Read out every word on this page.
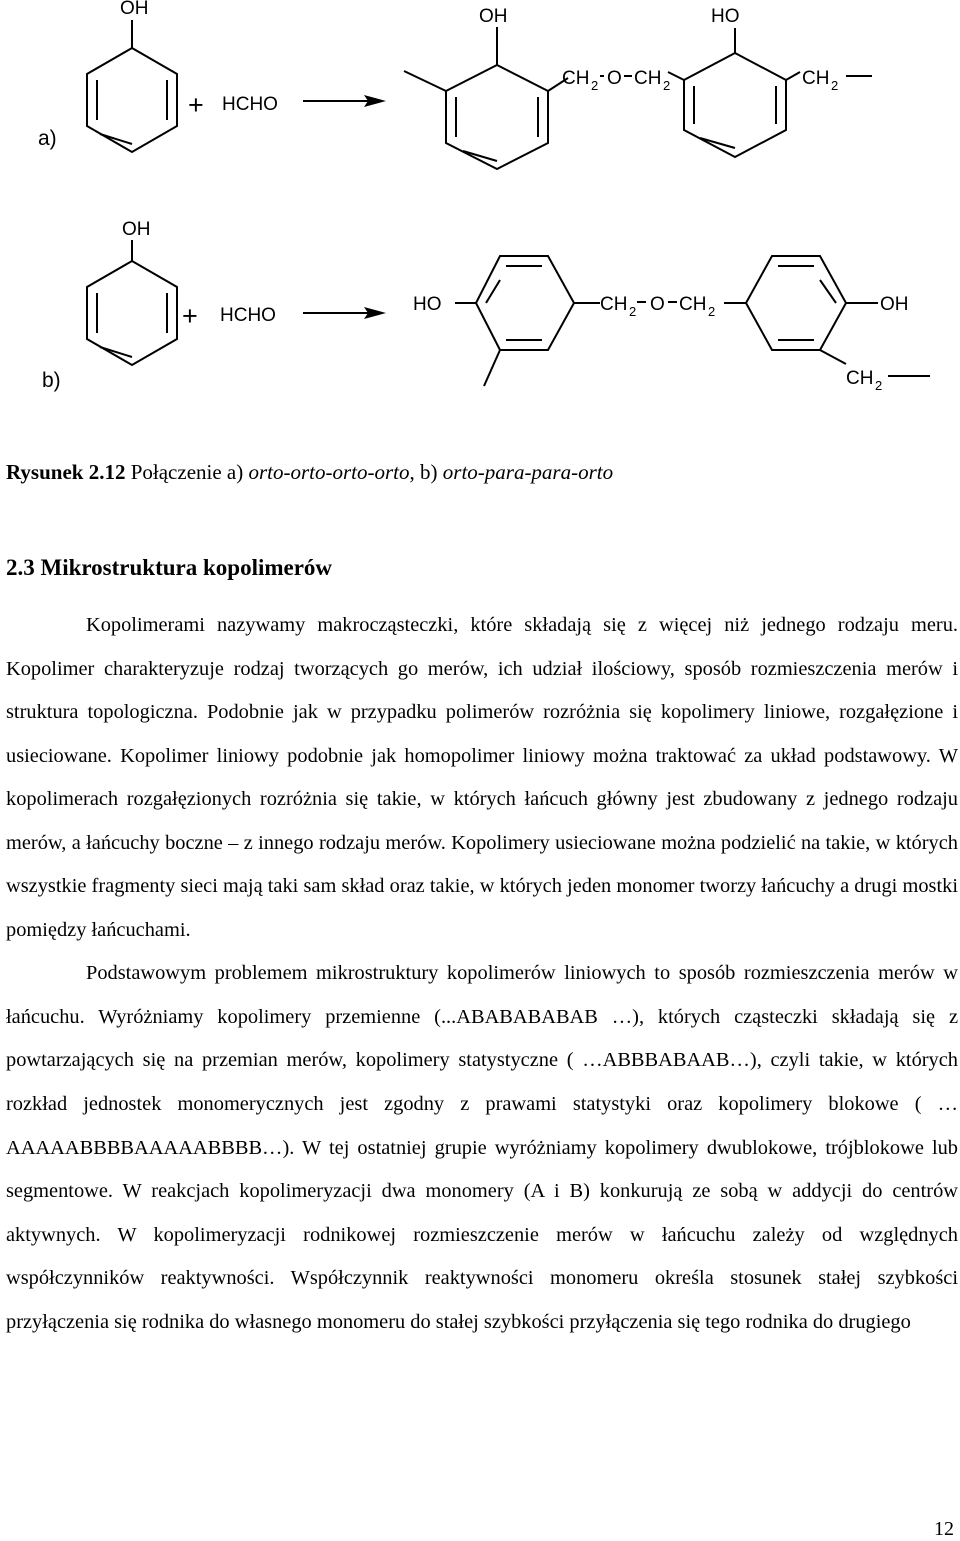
a)
OH
+ HCHO
OH
CH 2 O CH 2
HO
CH 2
b)
OH
+ HCHO
HO	CH 2 O CH 2	OH
CH 2
Rysunek 2.12 Połączenie a) orto-orto-orto-orto, b) orto-para-para-orto
2.3 Mikrostruktura kopolimerów

Kopolimerami nazywamy makrocząsteczki, które składają się z więcej niż jednego rodzaju meru. Kopolimer charakteryzuje rodzaj tworzących go merów, ich udział ilościowy, sposób rozmieszczenia merów i struktura topologiczna. Podobnie jak w przypadku polimerów rozróżnia się kopolimery liniowe, rozgałęzione i usieciowane. Kopolimer liniowy podobnie jak homopolimer liniowy można traktować za układ podstawowy. W kopolimerach rozgałęzionych rozróżnia się takie, w których łańcuch główny jest zbudowany z jednego rodzaju merów, a łańcuchy boczne – z innego rodzaju merów. Kopolimery usieciowane można podzielić na takie, w których wszystkie fragmenty sieci mają taki sam skład oraz takie, w których jeden monomer tworzy łańcuchy a drugi mostki pomiędzy łańcuchami.

Podstawowym problemem mikrostruktury kopolimerów liniowych to sposób rozmieszczenia merów w łańcuchu. Wyróżniamy kopolimery przemienne (...ABABABABAB …), których cząsteczki składają się z powtarzających się na przemian merów, kopolimery statystyczne ( …ABBBABAAB…), czyli takie, w których rozkład jednostek monomerycznych jest zgodny z prawami statystyki oraz kopolimery blokowe ( …AAAAABBBBAAAAABBBB…). W tej ostatniej grupie wyróżniamy kopolimery dwublokowe, trójblokowe lub segmentowe. W reakcjach kopolimeryzacji dwa monomery (A i B) konkurują ze sobą w addycji do centrów aktywnych. W kopolimeryzacji rodnikowej rozmieszczenie merów w łańcuchu zależy od względnych współczynników reaktywności. Współczynnik reaktywności monomeru określa stosunek stałej szybkości przyłączenia się rodnika do własnego monomeru do stałej szybkości przyłączenia się tego rodnika do drugiego

12
